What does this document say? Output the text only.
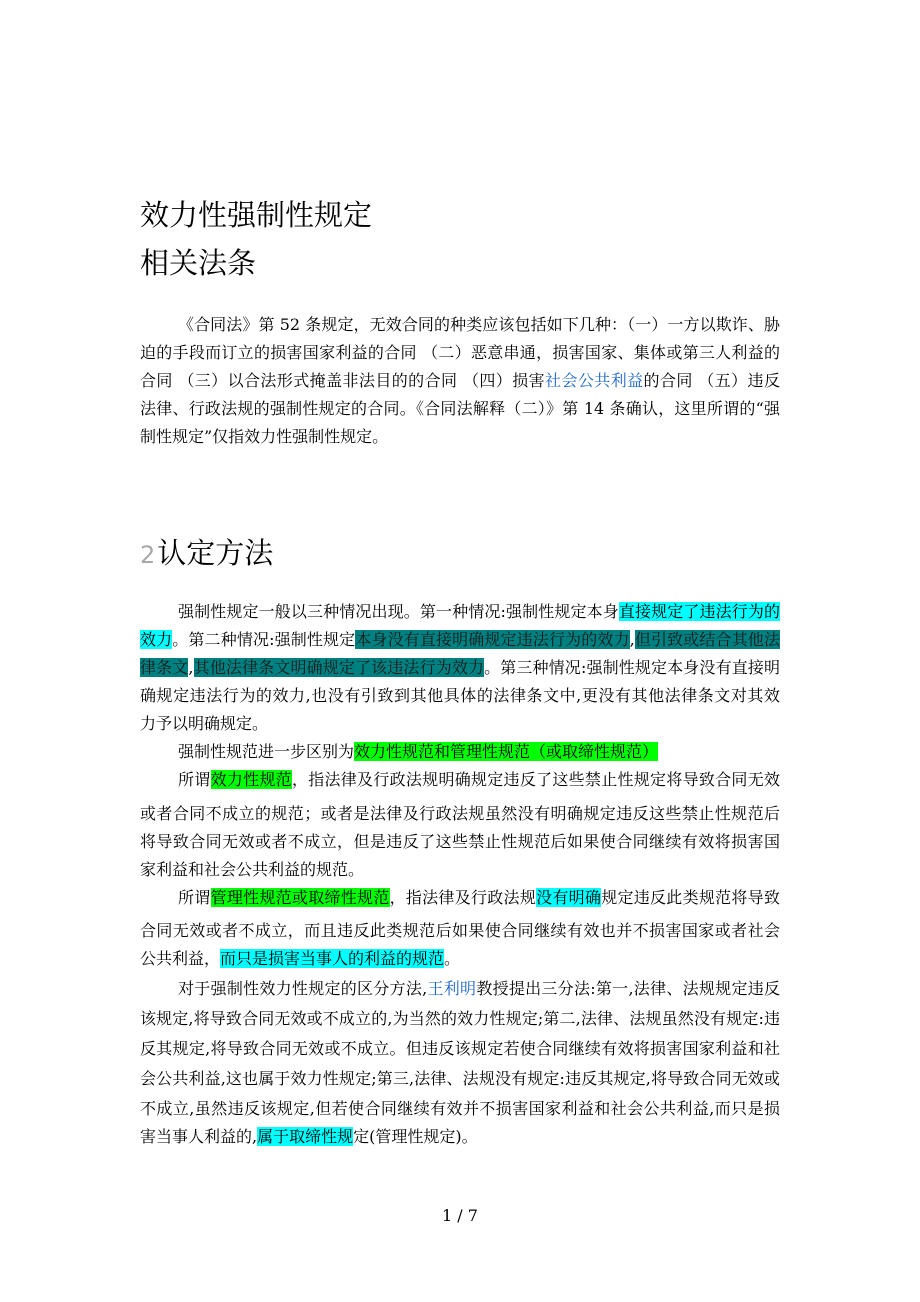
效力性强制性规定
相关法条
《合同法》第 52 条规定，无效合同的种类应该包括如下几种：（一）一方以欺诈、胁
迫的手段而订立的损害国家利益的合同 （二）恶意串通，损害国家、集体或第三人利益的
合同 （三）以合法形式掩盖非法目的的合同 （四）损害社会公共利益的合同 （五）违反
法律、行政法规的强制性规定的合同。《合同法解释（二）》第 14 条确认，这里所谓的“强
制性规定”仅指效力性强制性规定。
2认定方法
强制性规定一般以三种情况出现。第一种情况:强制性规定本身直接规定了违法行为的
效力。第二种情况:强制性规定本身没有直接明确规定违法行为的效力,但引致或结合其他法
律条文,其他法律条文明确规定了该违法行为效力。第三种情况:强制性规定本身没有直接明
确规定违法行为的效力,也没有引致到其他具体的法律条文中,更没有其他法律条文对其效
力予以明确规定。
强制性规范进一步区别为效力性规范和管理性规范（或取缔性规范）
所谓效力性规范，指法律及行政法规明确规定违反了这些禁止性规定将导致合同无效
或者合同不成立的规范；或者是法律及行政法规虽然没有明确规定违反这些禁止性规范后
将导致合同无效或者不成立，但是违反了这些禁止性规范后如果使合同继续有效将损害国
家利益和社会公共利益的规范。
所谓管理性规范或取缔性规范，指法律及行政法规没有明确规定违反此类规范将导致
合同无效或者不成立，而且违反此类规范后如果使合同继续有效也并不损害国家或者社会
公共利益，而只是损害当事人的利益的规范。
对于强制性效力性规定的区分方法,王利明教授提出三分法:第一,法律、法规规定违反
该规定,将导致合同无效或不成立的,为当然的效力性规定;第二,法律、法规虽然没有规定:违
反其规定,将导致合同无效或不成立。但违反该规定若使合同继续有效将损害国家利益和社
会公共利益,这也属于效力性规定;第三,法律、法规没有规定:违反其规定,将导致合同无效或
不成立,虽然违反该规定,但若使合同继续有效并不损害国家利益和社会公共利益,而只是损
害当事人利益的,属于取缔性规定(管理性规定)。
1 / 7
